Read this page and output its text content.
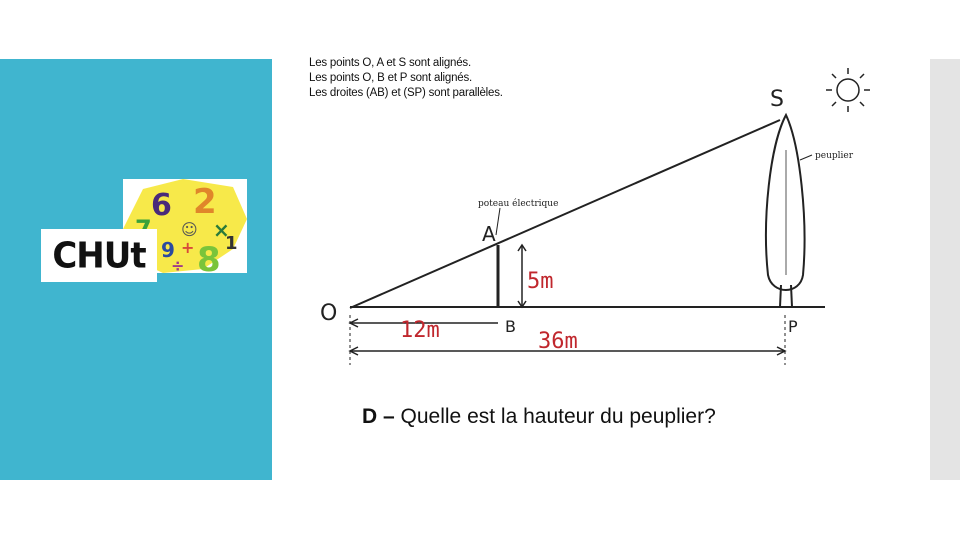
6 2
☺ ×
9 + 8 1
÷
CHUt
Les points O, A et S sont alignés.
Les points O, B et P sont alignés.
Les droites (AB) et (SP) sont parallèles.
O
A
S
B	P
poteau électrique
peuplier
5m
12m	36m
D – Quelle est la hauteur du peuplier?
